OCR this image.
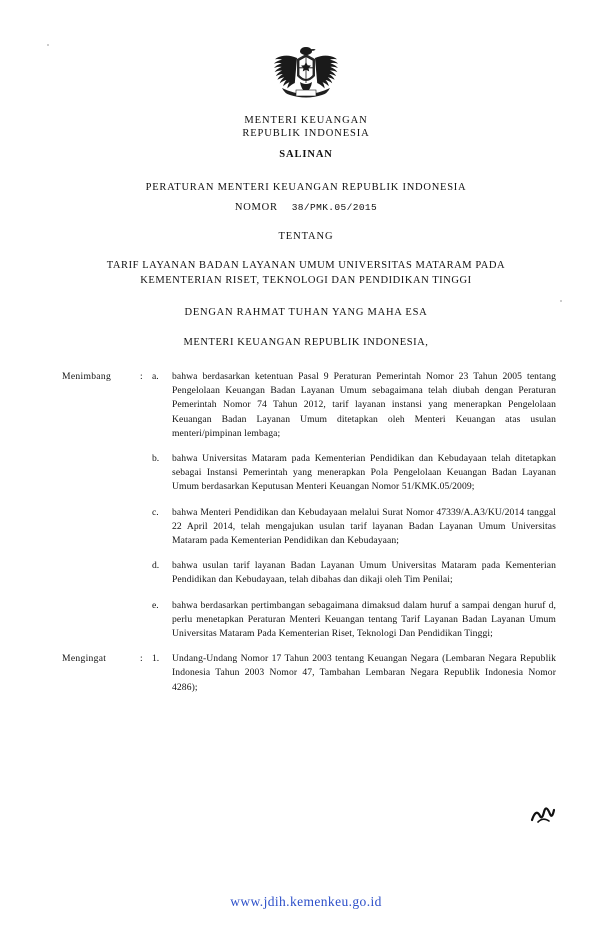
MENTERI KEUANGAN
REPUBLIK INDONESIA
SALINAN
PERATURAN MENTERI KEUANGAN REPUBLIK INDONESIA
NOMOR 38/PMK.05/2015
TENTANG
TARIF LAYANAN BADAN LAYANAN UMUM UNIVERSITAS MATARAM PADA
KEMENTERIAN RISET, TEKNOLOGI DAN PENDIDIKAN TINGGI
DENGAN RAHMAT TUHAN YANG MAHA ESA
MENTERI KEUANGAN REPUBLIK INDONESIA,
Menimbang	: a.	bahwa berdasarkan ketentuan Pasal 9 Peraturan Pemerintah Nomor 23 Tahun 2005 tentang Pengelolaan Keuangan Badan Layanan Umum sebagaimana telah diubah dengan Peraturan Pemerintah Nomor 74 Tahun 2012, tarif layanan instansi yang menerapkan Pengelolaan Keuangan Badan Layanan Umum ditetapkan oleh Menteri Keuangan atas usulan menteri/pimpinan lembaga;
b.	bahwa Universitas Mataram pada Kementerian Pendidikan dan Kebudayaan telah ditetapkan sebagai Instansi Pemerintah yang menerapkan Pola Pengelolaan Keuangan Badan Layanan Umum berdasarkan Keputusan Menteri Keuangan Nomor 51/KMK.05/2009;
c.	bahwa Menteri Pendidikan dan Kebudayaan melalui Surat Nomor 47339/A.A3/KU/2014 tanggal 22 April 2014, telah mengajukan usulan tarif layanan Badan Layanan Umum Universitas Mataram pada Kementerian Pendidikan dan Kebudayaan;
d.	bahwa usulan tarif layanan Badan Layanan Umum Universitas Mataram pada Kementerian Pendidikan dan Kebudayaan, telah dibahas dan dikaji oleh Tim Penilai;
e.	bahwa berdasarkan pertimbangan sebagaimana dimaksud dalam huruf a sampai dengan huruf d, perlu menetapkan Peraturan Menteri Keuangan tentang Tarif Layanan Badan Layanan Umum Universitas Mataram Pada Kementerian Riset, Teknologi Dan Pendidikan Tinggi;
Mengingat	: 1.	Undang-Undang Nomor 17 Tahun 2003 tentang Keuangan Negara (Lembaran Negara Republik Indonesia Tahun 2003 Nomor 47, Tambahan Lembaran Negara Republik Indonesia Nomor 4286);
www.jdih.kemenkeu.go.id
